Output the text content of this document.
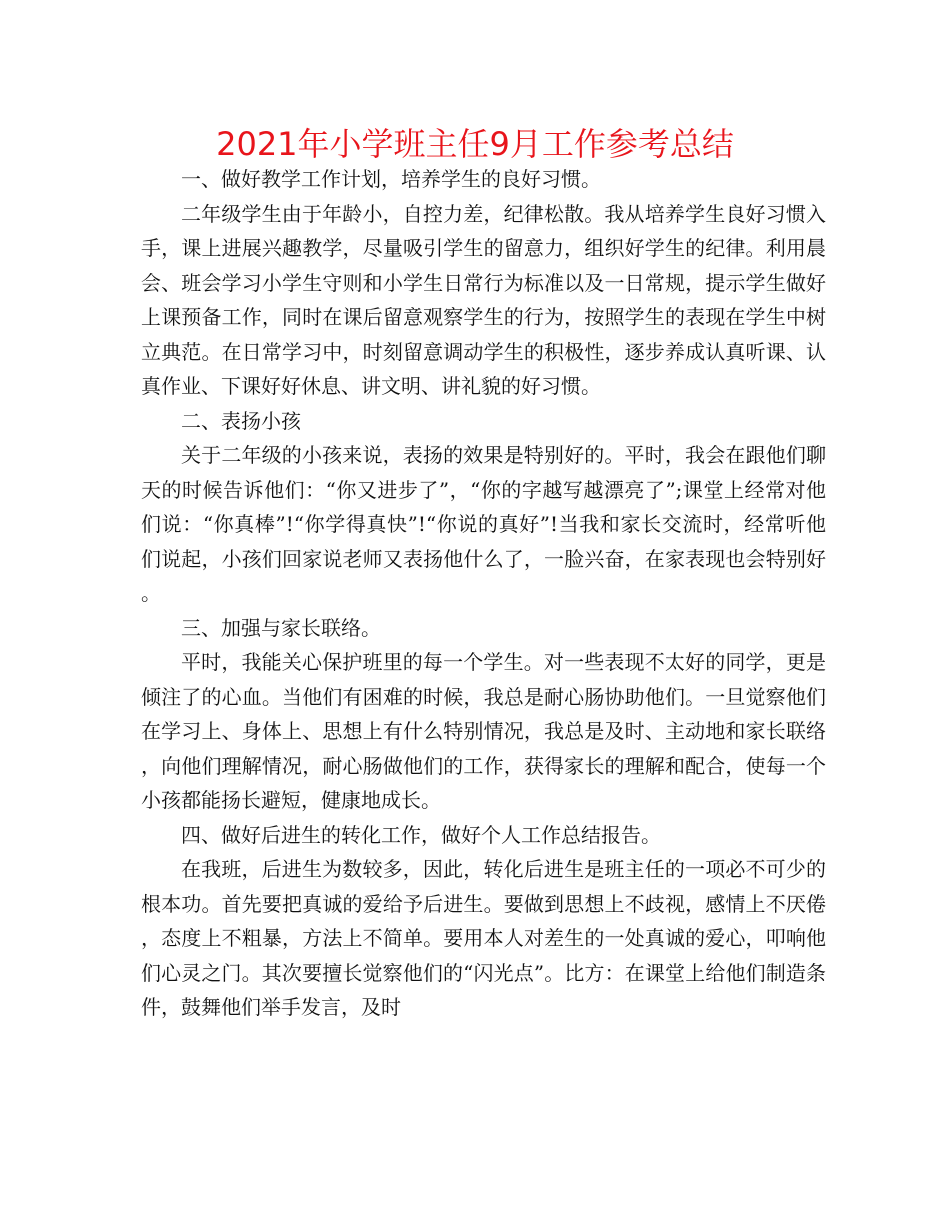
2021年小学班主任9月工作参考总结

一、做好教学工作计划，培养学生的良好习惯。

二年级学生由于年龄小，自控力差，纪律松散。我从培养学生良好习惯入手，课上进展兴趣教学，尽量吸引学生的留意力，组织好学生的纪律。利用晨会、班会学习小学生守则和小学生日常行为标准以及一日常规，提示学生做好上课预备工作，同时在课后留意观察学生的行为，按照学生的表现在学生中树立典范。在日常学习中，时刻留意调动学生的积极性，逐步养成认真听课、认真作业、下课好好休息、讲文明、讲礼貌的好习惯。

二、表扬小孩

关于二年级的小孩来说，表扬的效果是特别好的。平时，我会在跟他们聊天的时候告诉他们：“你又进步了”，“你的字越写越漂亮了”;课堂上经常对他们说：“你真棒”!“你学得真快”!“你说的真好”!当我和家长交流时，经常听他们说起，小孩们回家说老师又表扬他什么了，一脸兴奋，在家表现也会特别好。

三、加强与家长联络。

平时，我能关心保护班里的每一个学生。对一些表现不太好的同学，更是倾注了的心血。当他们有困难的时候，我总是耐心肠协助他们。一旦觉察他们在学习上、身体上、思想上有什么特别情况，我总是及时、主动地和家长联络，向他们理解情况，耐心肠做他们的工作，获得家长的理解和配合，使每一个小孩都能扬长避短，健康地成长。

四、做好后进生的转化工作，做好个人工作总结报告。

在我班，后进生为数较多，因此，转化后进生是班主任的一项必不可少的根本功。首先要把真诚的爱给予后进生。要做到思想上不歧视，感情上不厌倦，态度上不粗暴，方法上不简单。要用本人对差生的一处真诚的爱心，叩响他们心灵之门。其次要擅长觉察他们的“闪光点”。比方：在课堂上给他们制造条件，鼓舞他们举手发言，及时
